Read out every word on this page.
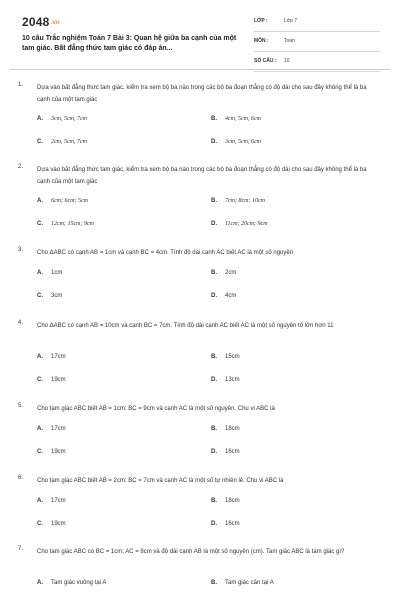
2048.vn
10 câu Trắc nghiệm Toán 7 Bài 3: Quan hệ giữa ba cạnh của một tam giác. Bất đẳng thức tam giác có đáp án...
LỚP :	Lớp 7
MÔN :	Toán
SỐ CÂU : 10
1. Dựa vào bất đẳng thức tam giác, kiểm tra xem bộ ba nào trong các bộ ba đoạn thẳng có độ dài cho sau đây không thể là ba cạnh của một tam giác
A. 3cm, 5cm, 7cm	B. 4cm, 5cm, 6cm
C. 2cm, 5cm, 7cm	D. 3cm, 5cm, 6cm
2. Dựa vào bất đẳng thức tam giác, kiểm tra xem bộ ba nào trong các bộ ba đoạn thẳng có độ dài cho sau đây không thể là ba cạnh của một tam giác
A. 6cm; 6cm; 5cm	B. 7cm; 8cm; 10cm
C. 12cm; 15cm; 9cm	D. 11cm; 20cm; 9cm
3. Cho ΔABC có cạnh AB = 1cm và cạnh BC = 4cm. Tính độ dài cạnh AC biết AC là một số nguyên
A. 1cm	B. 2cm
C. 3cm	D. 4cm
4. Cho ΔABC có cạnh AB = 10cm và cạnh BC = 7cm. Tính độ dài cạnh AC biết AC là một số nguyên tố lớn hơn 11
A. 17cm	B. 15cm
C. 19cm	D. 13cm
5. Cho tam giác ABC biết AB = 1cm; BC = 9cm và cạnh AC là một số nguyên. Chu vi ABC là
A. 17cm	B. 18cm
C. 19cm	D. 16cm
6. Cho tam giác ABC biết AB = 2cm; BC = 7cm và cạnh AC là một số tự nhiên lẻ. Chu vi ABC là
A. 17cm	B. 18cm
C. 19cm	D. 16cm
7. Cho tam giác ABC có BC = 1cm; AC = 8cm và độ dài cạnh AB là một số nguyên (cm). Tam giác ABC là tam giác gì?
A. Tam giác vuông tại A	B. Tam giác cân tại A
